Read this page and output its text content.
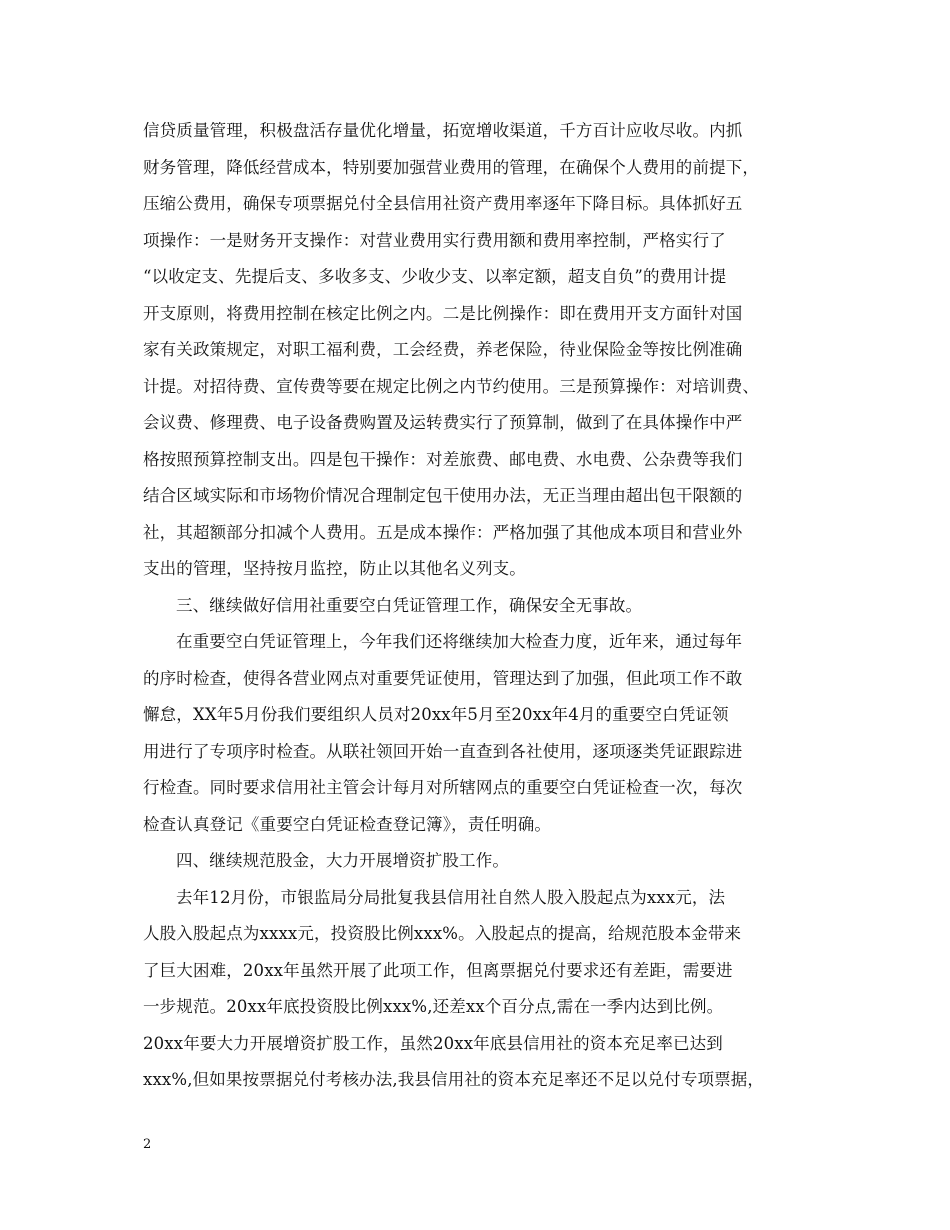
信贷质量管理，积极盘活存量优化增量，拓宽增收渠道，千方百计应收尽收。内抓
财务管理，降低经营成本，特别要加强营业费用的管理，在确保个人费用的前提下，
压缩公费用，确保专项票据兑付全县信用社资产费用率逐年下降目标。具体抓好五
项操作：一是财务开支操作：对营业费用实行费用额和费用率控制，严格实行了
“以收定支、先提后支、多收多支、少收少支、以率定额，超支自负”的费用计提
开支原则，将费用控制在核定比例之内。二是比例操作：即在费用开支方面针对国
家有关政策规定，对职工福利费，工会经费，养老保险，待业保险金等按比例准确
计提。对招待费、宣传费等要在规定比例之内节约使用。三是预算操作：对培训费、
会议费、修理费、电子设备费购置及运转费实行了预算制，做到了在具体操作中严
格按照预算控制支出。四是包干操作：对差旅费、邮电费、水电费、公杂费等我们
结合区域实际和市场物价情况合理制定包干使用办法，无正当理由超出包干限额的
社，其超额部分扣减个人费用。五是成本操作：严格加强了其他成本项目和营业外
支出的管理，坚持按月监控，防止以其他名义列支。
三、继续做好信用社重要空白凭证管理工作，确保安全无事故。
在重要空白凭证管理上，今年我们还将继续加大检查力度，近年来，通过每年
的序时检查，使得各营业网点对重要凭证使用，管理达到了加强，但此项工作不敢
懈怠，XX年5月份我们要组织人员对20xx年5月至20xx年4月的重要空白凭证领
用进行了专项序时检查。从联社领回开始一直查到各社使用，逐项逐类凭证跟踪进
行检查。同时要求信用社主管会计每月对所辖网点的重要空白凭证检查一次，每次
检查认真登记《重要空白凭证检查登记簿》，责任明确。
四、继续规范股金，大力开展增资扩股工作。
去年12月份，市银监局分局批复我县信用社自然人股入股起点为xxx元，法
人股入股起点为xxxx元，投资股比例xxx%。入股起点的提高，给规范股本金带来
了巨大困难，20xx年虽然开展了此项工作，但离票据兑付要求还有差距，需要进
一步规范。20xx年底投资股比例xxx%,还差xx个百分点,需在一季内达到比例。
20xx年要大力开展增资扩股工作，虽然20xx年底县信用社的资本充足率已达到
xxx%,但如果按票据兑付考核办法,我县信用社的资本充足率还不足以兑付专项票据，
2
